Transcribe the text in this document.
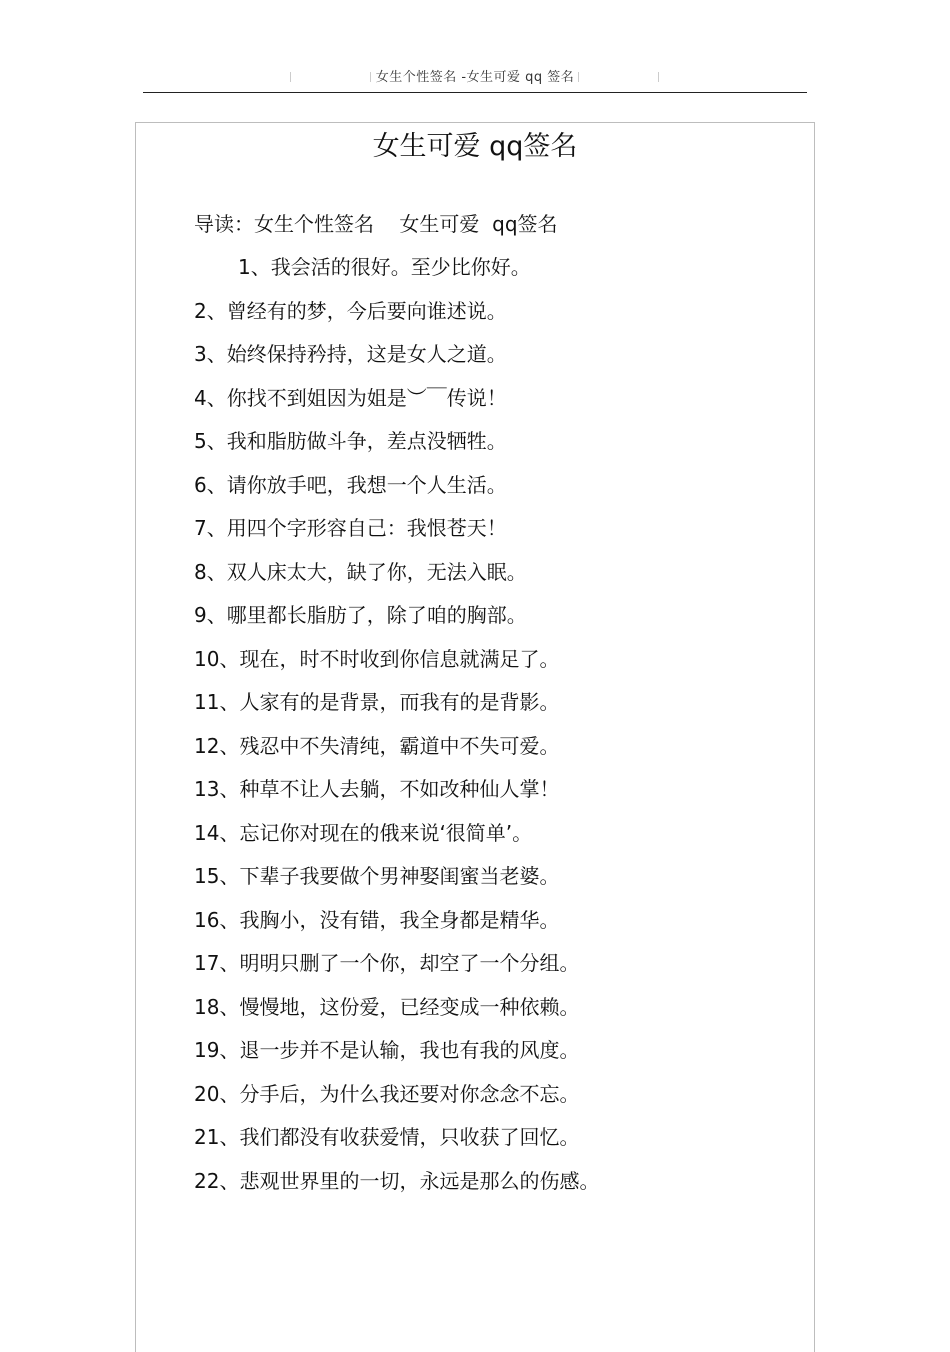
女生个性签名 -女生可爱 qq 签名
女生可爱 qq签名
导读：女生个性签名    女生可爱  qq签名
1、我会活的很好。至少比你好。
2、曾经有的梦，今后要向谁述说。
3、始终保持矜持，这是女人之道。
4、你找不到姐因为姐是︶￣传说！
5、我和脂肪做斗争，差点没牺牲。
6、请你放手吧，我想一个人生活。
7、用四个字形容自己：我恨苍天！
8、双人床太大，缺了你，无法入眠。
9、哪里都长脂肪了，除了咱的胸部。
10、现在，时不时收到你信息就满足了。
11、人家有的是背景，而我有的是背影。
12、残忍中不失清纯，霸道中不失可爱。
13、种草不让人去躺，不如改种仙人掌！
14、忘记你对现在的俄来说‘很简单’。
15、下辈子我要做个男神娶闺蜜当老婆。
16、我胸小，没有错，我全身都是精华。
17、明明只删了一个你，却空了一个分组。
18、慢慢地，这份爱，已经变成一种依赖。
19、退一步并不是认输，我也有我的风度。
20、分手后，为什么我还要对你念念不忘。
21、我们都没有收获爱情，只收获了回忆。
22、悲观世界里的一切，永远是那么的伤感。
